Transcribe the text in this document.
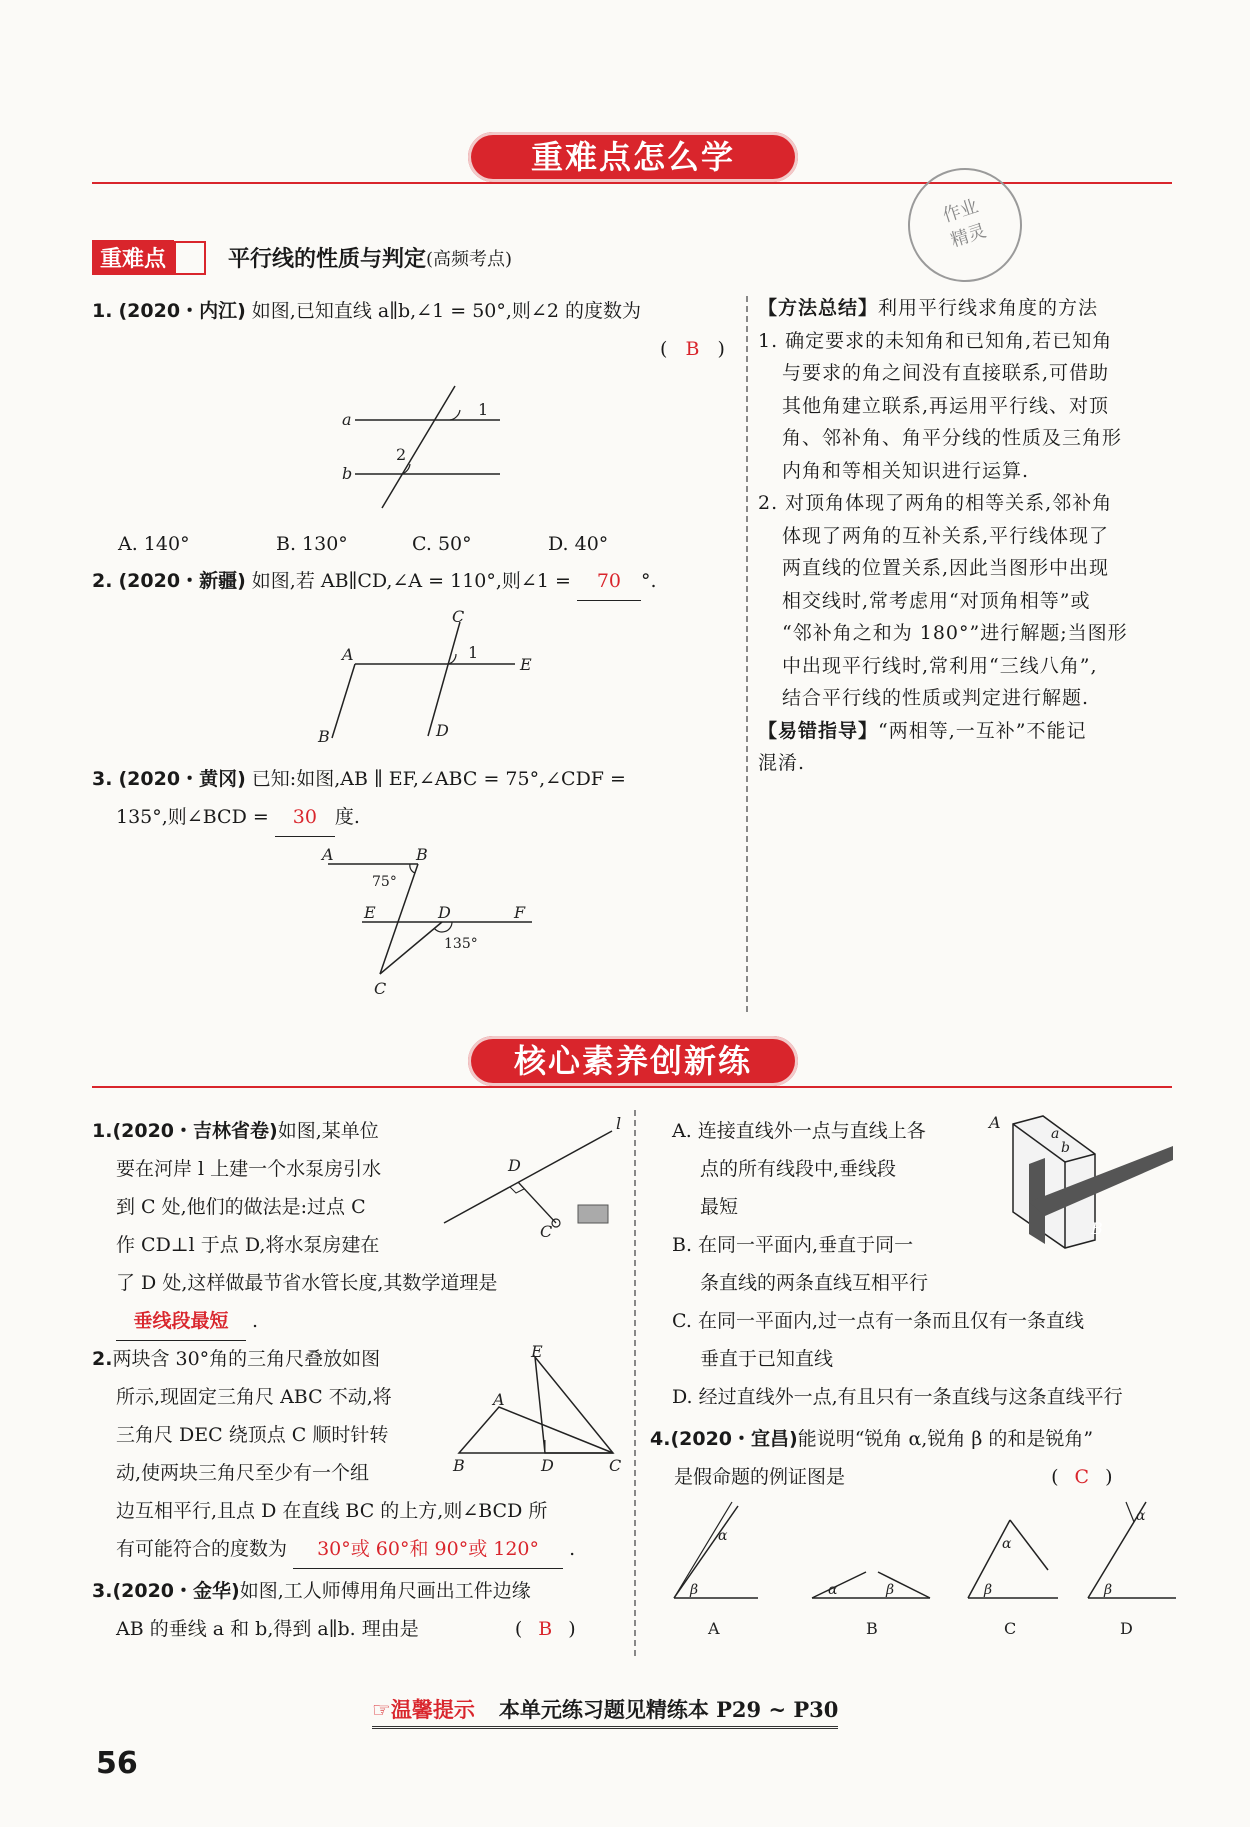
重难点怎么学
作业
精灵
重难点	平行线的性质与判定 (高频考点)
1. (2020・内江) 如图,已知直线 a∥b,∠1 = 50°,则∠2 的度数为
( B )
a
b
1
2
A. 140°	B. 130°	C. 50°	D. 40°
2. (2020・新疆) 如图,若 AB∥CD,∠A = 110°,则∠1 = 70 °.
A
B
C
D
E
1
3. (2020・黄冈) 已知:如图,AB ∥ EF,∠ABC = 75°,∠CDF =
135°,则∠BCD = 30 度.
A	B
E	D	F
C
75°
135°
【方法总结】利用平行线求角度的方法
1. 确定要求的未知角和已知角,若已知角
与要求的角之间没有直接联系,可借助
其他角建立联系,再运用平行线、对顶
角、邻补角、角平分线的性质及三角形
内角和等相关知识进行运算.
2. 对顶角体现了两角的相等关系,邻补角
体现了两角的互补关系,平行线体现了
两直线的位置关系,因此当图形中出现
相交线时,常考虑用“对顶角相等”或
“邻补角之和为 180°”进行解题;当图形
中出现平行线时,常利用“三线八角”,
结合平行线的性质或判定进行解题.
【易错指导】“两相等,一互补”不能记
混淆.
核心素养创新练
1.(2020・吉林省卷)如图,某单位
要在河岸 l 上建一个水泵房引水
到 C 处,他们的做法是:过点 C
作 CD⊥l 于点 D,将水泵房建在
了 D 处,这样做最节省水管长度,其数学道理是
垂线段最短 .
l
D
C
2.两块含 30°角的三角尺叠放如图
所示,现固定三角尺 ABC 不动,将
三角尺 DEC 绕顶点 C 顺时针转
动,使两块三角尺至少有一个组
边互相平行,且点 D 在直线 BC 的上方,则∠BCD 所
有可能符合的度数为 30°或 60°和 90°或 120° .
A
B	C
D
E
3.(2020・金华)如图,工人师傅用角尺画出工件边缘
AB 的垂线 a 和 b,得到 a∥b. 理由是	( B )
A. 连接直线外一点与直线上各
点的所有线段中,垂线段
最短
B. 在同一平面内,垂直于同一
条直线的两条直线互相平行
C. 在同一平面内,过一点有一条而且仅有一条直线
垂直于已知直线
D. 经过直线外一点,有且只有一条直线与这条直线平行
A
B
a
b
4.(2020・宜昌)能说明“锐角 α,锐角 β 的和是锐角”
是假命题的例证图是	( C )
α
β
A
α	β
B
α
β
C
α
β
D
☞温馨提示 本单元练习题见精练本 P29 ~ P30
56
